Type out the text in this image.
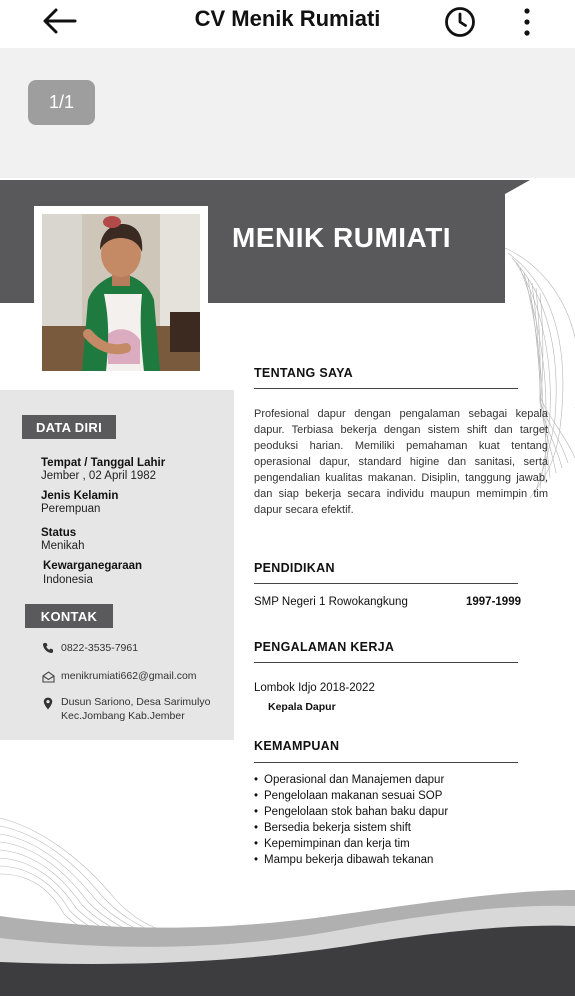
CV Menik Rumiati
1/1
MENIK RUMIATI
DATA DIRI
Tempat / Tanggal Lahir
Jember , 02 April 1982
Jenis Kelamin
Perempuan
Status
Menikah
Kewarganegaraan
Indonesia
KONTAK
0822-3535-7961
menikrumiati662@gmail.com
Dusun Sariono, Desa Sarimulyo
Kec.Jombang Kab.Jember
TENTANG SAYA
Profesional dapur dengan pengalaman sebagai kepala dapur. Terbiasa bekerja dengan sistem shift dan target peoduksi harian. Memiliki pemahaman kuat tentang operasional dapur, standard higine dan sanitasi, serta pengendalian kualitas makanan. Disiplin, tanggung jawab, dan siap bekerja secara individu maupun memimpin tim dapur secara efektif.
PENDIDIKAN
SMP Negeri 1 Rowokangkung	1997-1999
PENGALAMAN KERJA
Lombok Idjo 2018-2022
Kepala Dapur
KEMAMPUAN
• Operasional dan Manajemen dapur
• Pengelolaan makanan sesuai SOP
• Pengelolaan stok bahan baku dapur
• Bersedia bekerja sistem shift
• Kepemimpinan dan kerja tim
• Mampu bekerja dibawah tekanan
